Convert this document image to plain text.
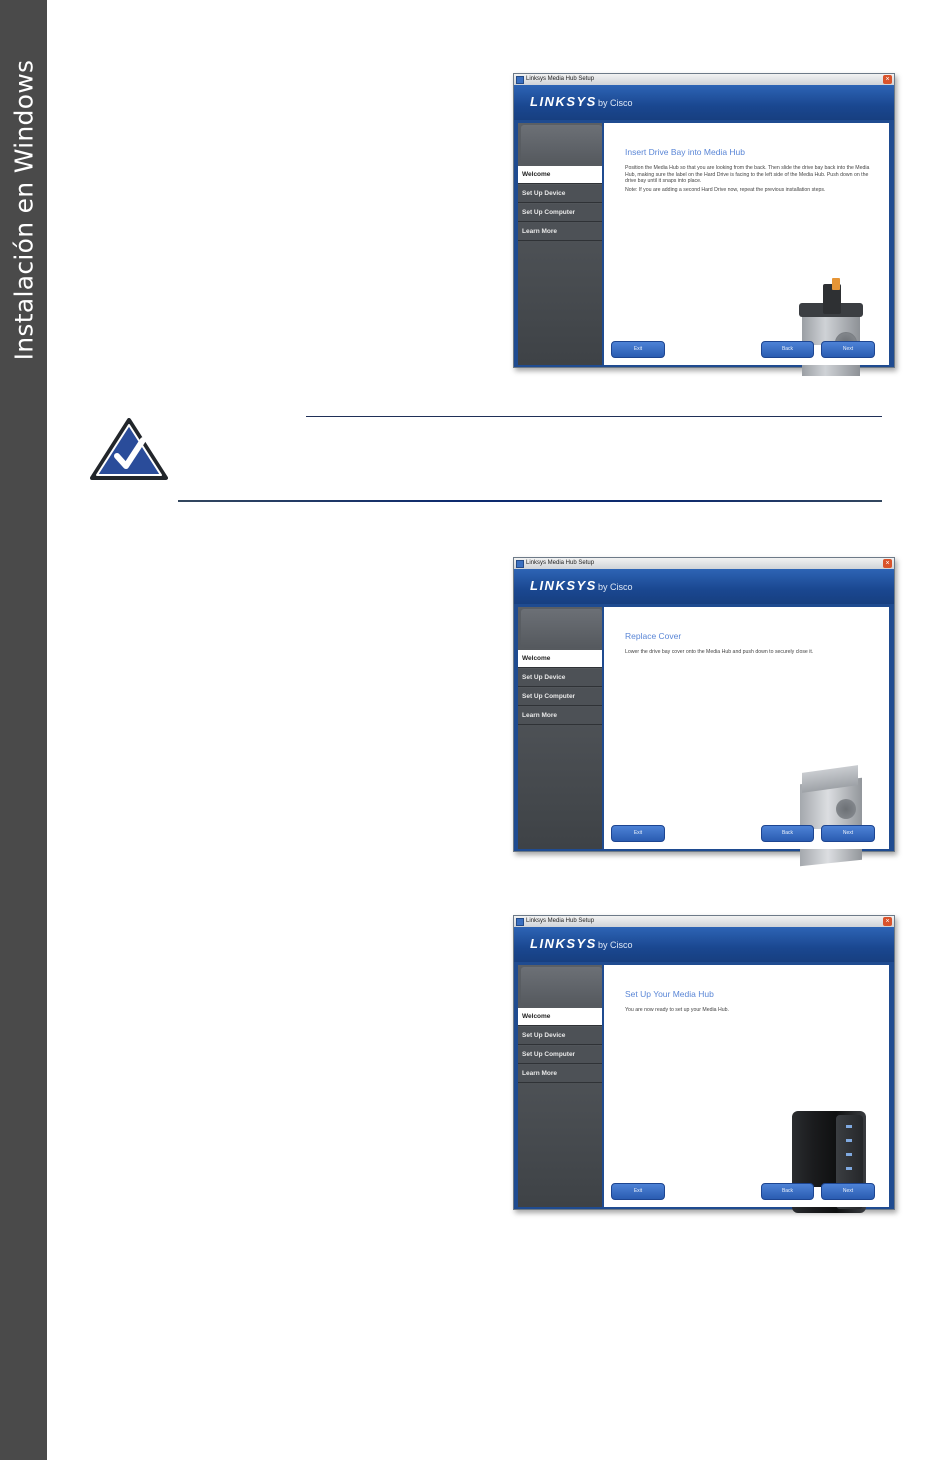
Instalación en Windows	Linksys Media Hub Setup	×
LINKSYS by Cisco
Welcome
Set Up Device
Set Up Computer
Learn More
Insert Drive Bay into Media Hub

Position the Media Hub so that you are looking from the back. Then slide the drive bay back into the Media Hub, making sure the label on the Hard Drive is facing to the left side of the Media Hub. Push down on the drive bay until it snaps into place.

Note: If you are adding a second Hard Drive now, repeat the previous installation steps.

Exit	Back	Next
Linksys Media Hub Setup	×
LINKSYS by Cisco
Welcome
Set Up Device
Set Up Computer
Learn More
Replace Cover

Lower the drive bay cover onto the Media Hub and push down to securely close it.

Exit	Back	Next
Linksys Media Hub Setup	×
LINKSYS by Cisco
Welcome
Set Up Device
Set Up Computer
Learn More
Set Up Your Media Hub

You are now ready to set up your Media Hub.

Exit	Back	Next
